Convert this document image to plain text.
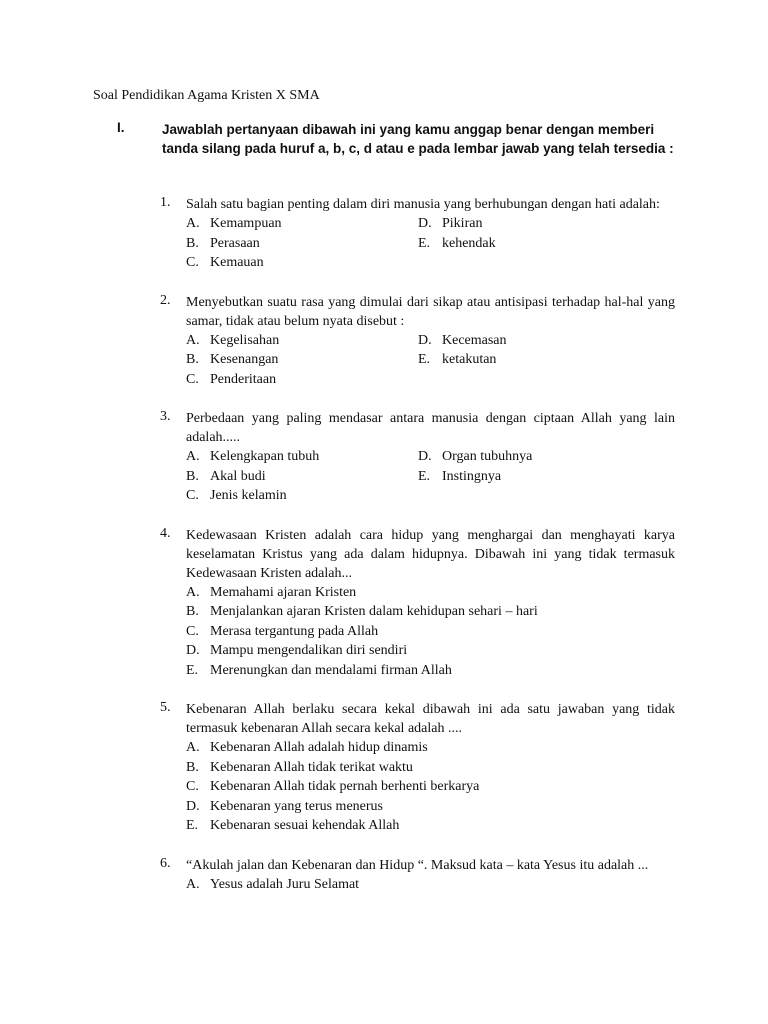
Soal Pendidikan Agama Kristen X SMA
I.	Jawablah pertanyaan dibawah ini yang kamu anggap benar dengan memberi tanda silang pada huruf a, b, c, d atau e pada lembar jawab yang telah tersedia :
1.	Salah satu bagian penting dalam diri manusia yang berhubungan dengan hati adalah:
A. Kemampuan	D. Pikiran
B. Perasaan	E. kehendak
C. Kemauan
2.	Menyebutkan suatu rasa yang dimulai dari sikap atau antisipasi terhadap hal-hal yang samar, tidak atau belum nyata disebut :
A. Kegelisahan	D. Kecemasan
B. Kesenangan	E. ketakutan
C. Penderitaan
3.	Perbedaan yang paling mendasar antara manusia dengan ciptaan Allah yang lain adalah.....
A. Kelengkapan tubuh	D. Organ tubuhnya
B. Akal budi	E. Instingnya
C. Jenis kelamin
4.	Kedewasaan Kristen adalah cara hidup yang menghargai dan menghayati karya keselamatan Kristus yang ada dalam hidupnya. Dibawah ini yang tidak termasuk Kedewasaan Kristen adalah...
A. Memahami ajaran Kristen
B. Menjalankan ajaran Kristen dalam kehidupan sehari – hari
C. Merasa tergantung pada Allah
D. Mampu mengendalikan diri sendiri
E. Merenungkan dan mendalami firman Allah
5.	Kebenaran Allah berlaku secara kekal dibawah ini ada satu jawaban yang tidak termasuk kebenaran Allah secara kekal adalah ....
A. Kebenaran Allah adalah hidup dinamis
B. Kebenaran Allah tidak terikat waktu
C. Kebenaran Allah tidak pernah berhenti berkarya
D. Kebenaran yang terus menerus
E. Kebenaran sesuai kehendak Allah
6.	“Akulah jalan dan Kebenaran dan Hidup “. Maksud kata – kata Yesus itu adalah ...
A. Yesus adalah Juru Selamat
